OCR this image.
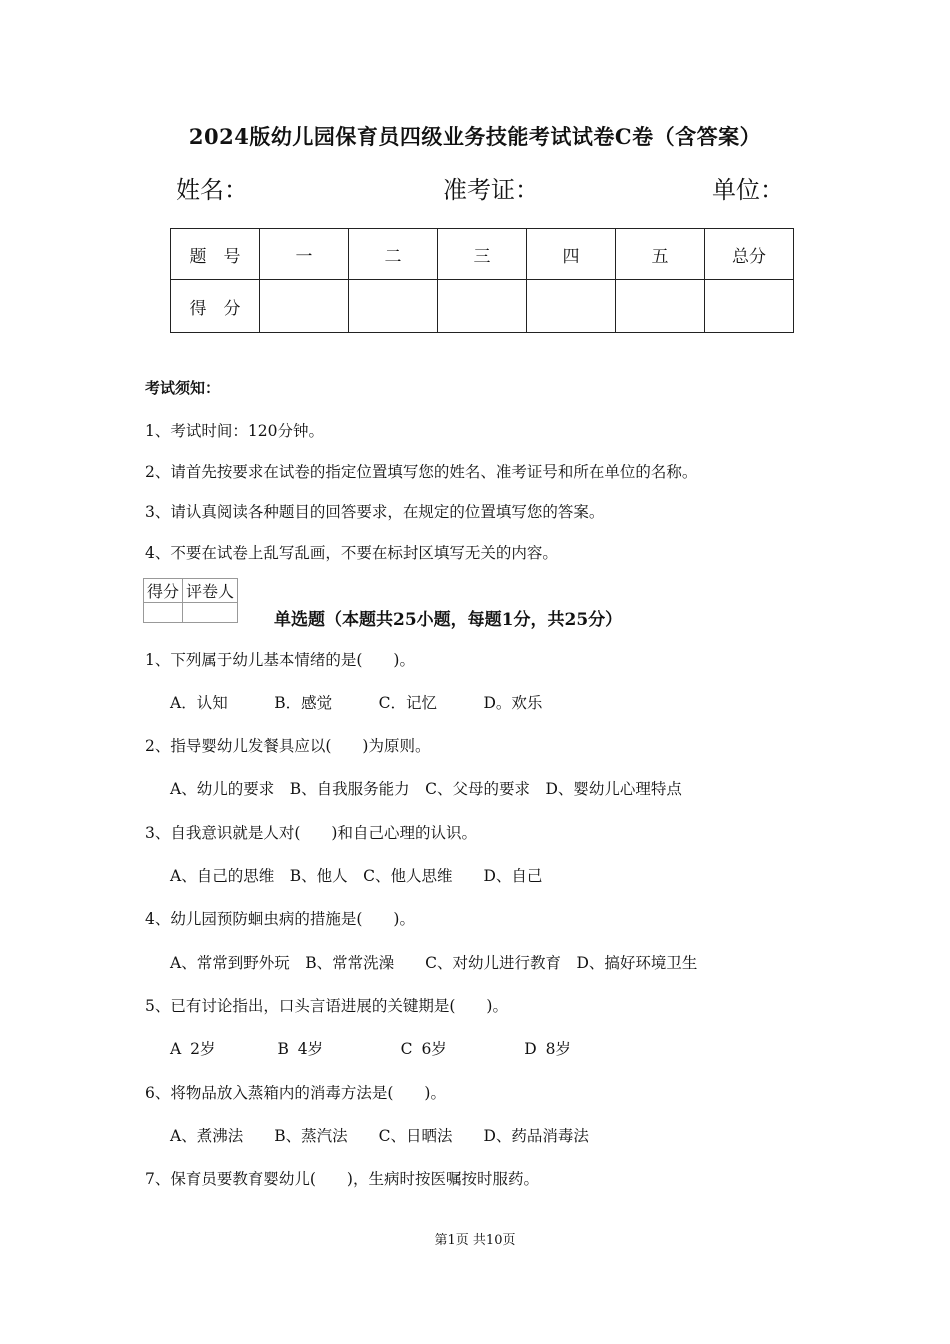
2024版幼儿园保育员四级业务技能考试试卷C卷（含答案）
姓名：	准考证：	单位：
题　号	一	二	三	四	五	总分
得　分						
考试须知：
1、考试时间：120分钟。
2、请首先按要求在试卷的指定位置填写您的姓名、准考证号和所在单位的名称。
3、请认真阅读各种题目的回答要求，在规定的位置填写您的答案。
4、不要在试卷上乱写乱画，不要在标封区填写无关的内容。
得分	评卷人

单选题（本题共25小题，每题1分，共25分）
1、下列属于幼儿基本情绪的是(　　)。
A．认知　　　B．感觉　　　C．记忆　　　D。欢乐
2、指导婴幼儿发餐具应以(　　)为原则。
A、幼儿的要求　B、自我服务能力　C、父母的要求　D、婴幼儿心理特点
3、自我意识就是人对(　　)和自己心理的认识。
A、自己的思维　B、他人　C、他人思维　　D、自己
4、幼儿园预防蛔虫病的措施是(　　)。
A、常常到野外玩　B、常常洗澡　　C、对幼儿进行教育　D、搞好环境卫生
5、已有讨论指出，口头言语进展的关键期是(　　)。
A 2岁　　　　B 4岁　　　　　C 6岁　　　　　D 8岁
6、将物品放入蒸箱内的消毒方法是(　　)。
A、煮沸法　　B、蒸汽法　　C、日晒法　　D、药品消毒法
7、保育员要教育婴幼儿(　　)，生病时按医嘱按时服药。
第1页 共10页
